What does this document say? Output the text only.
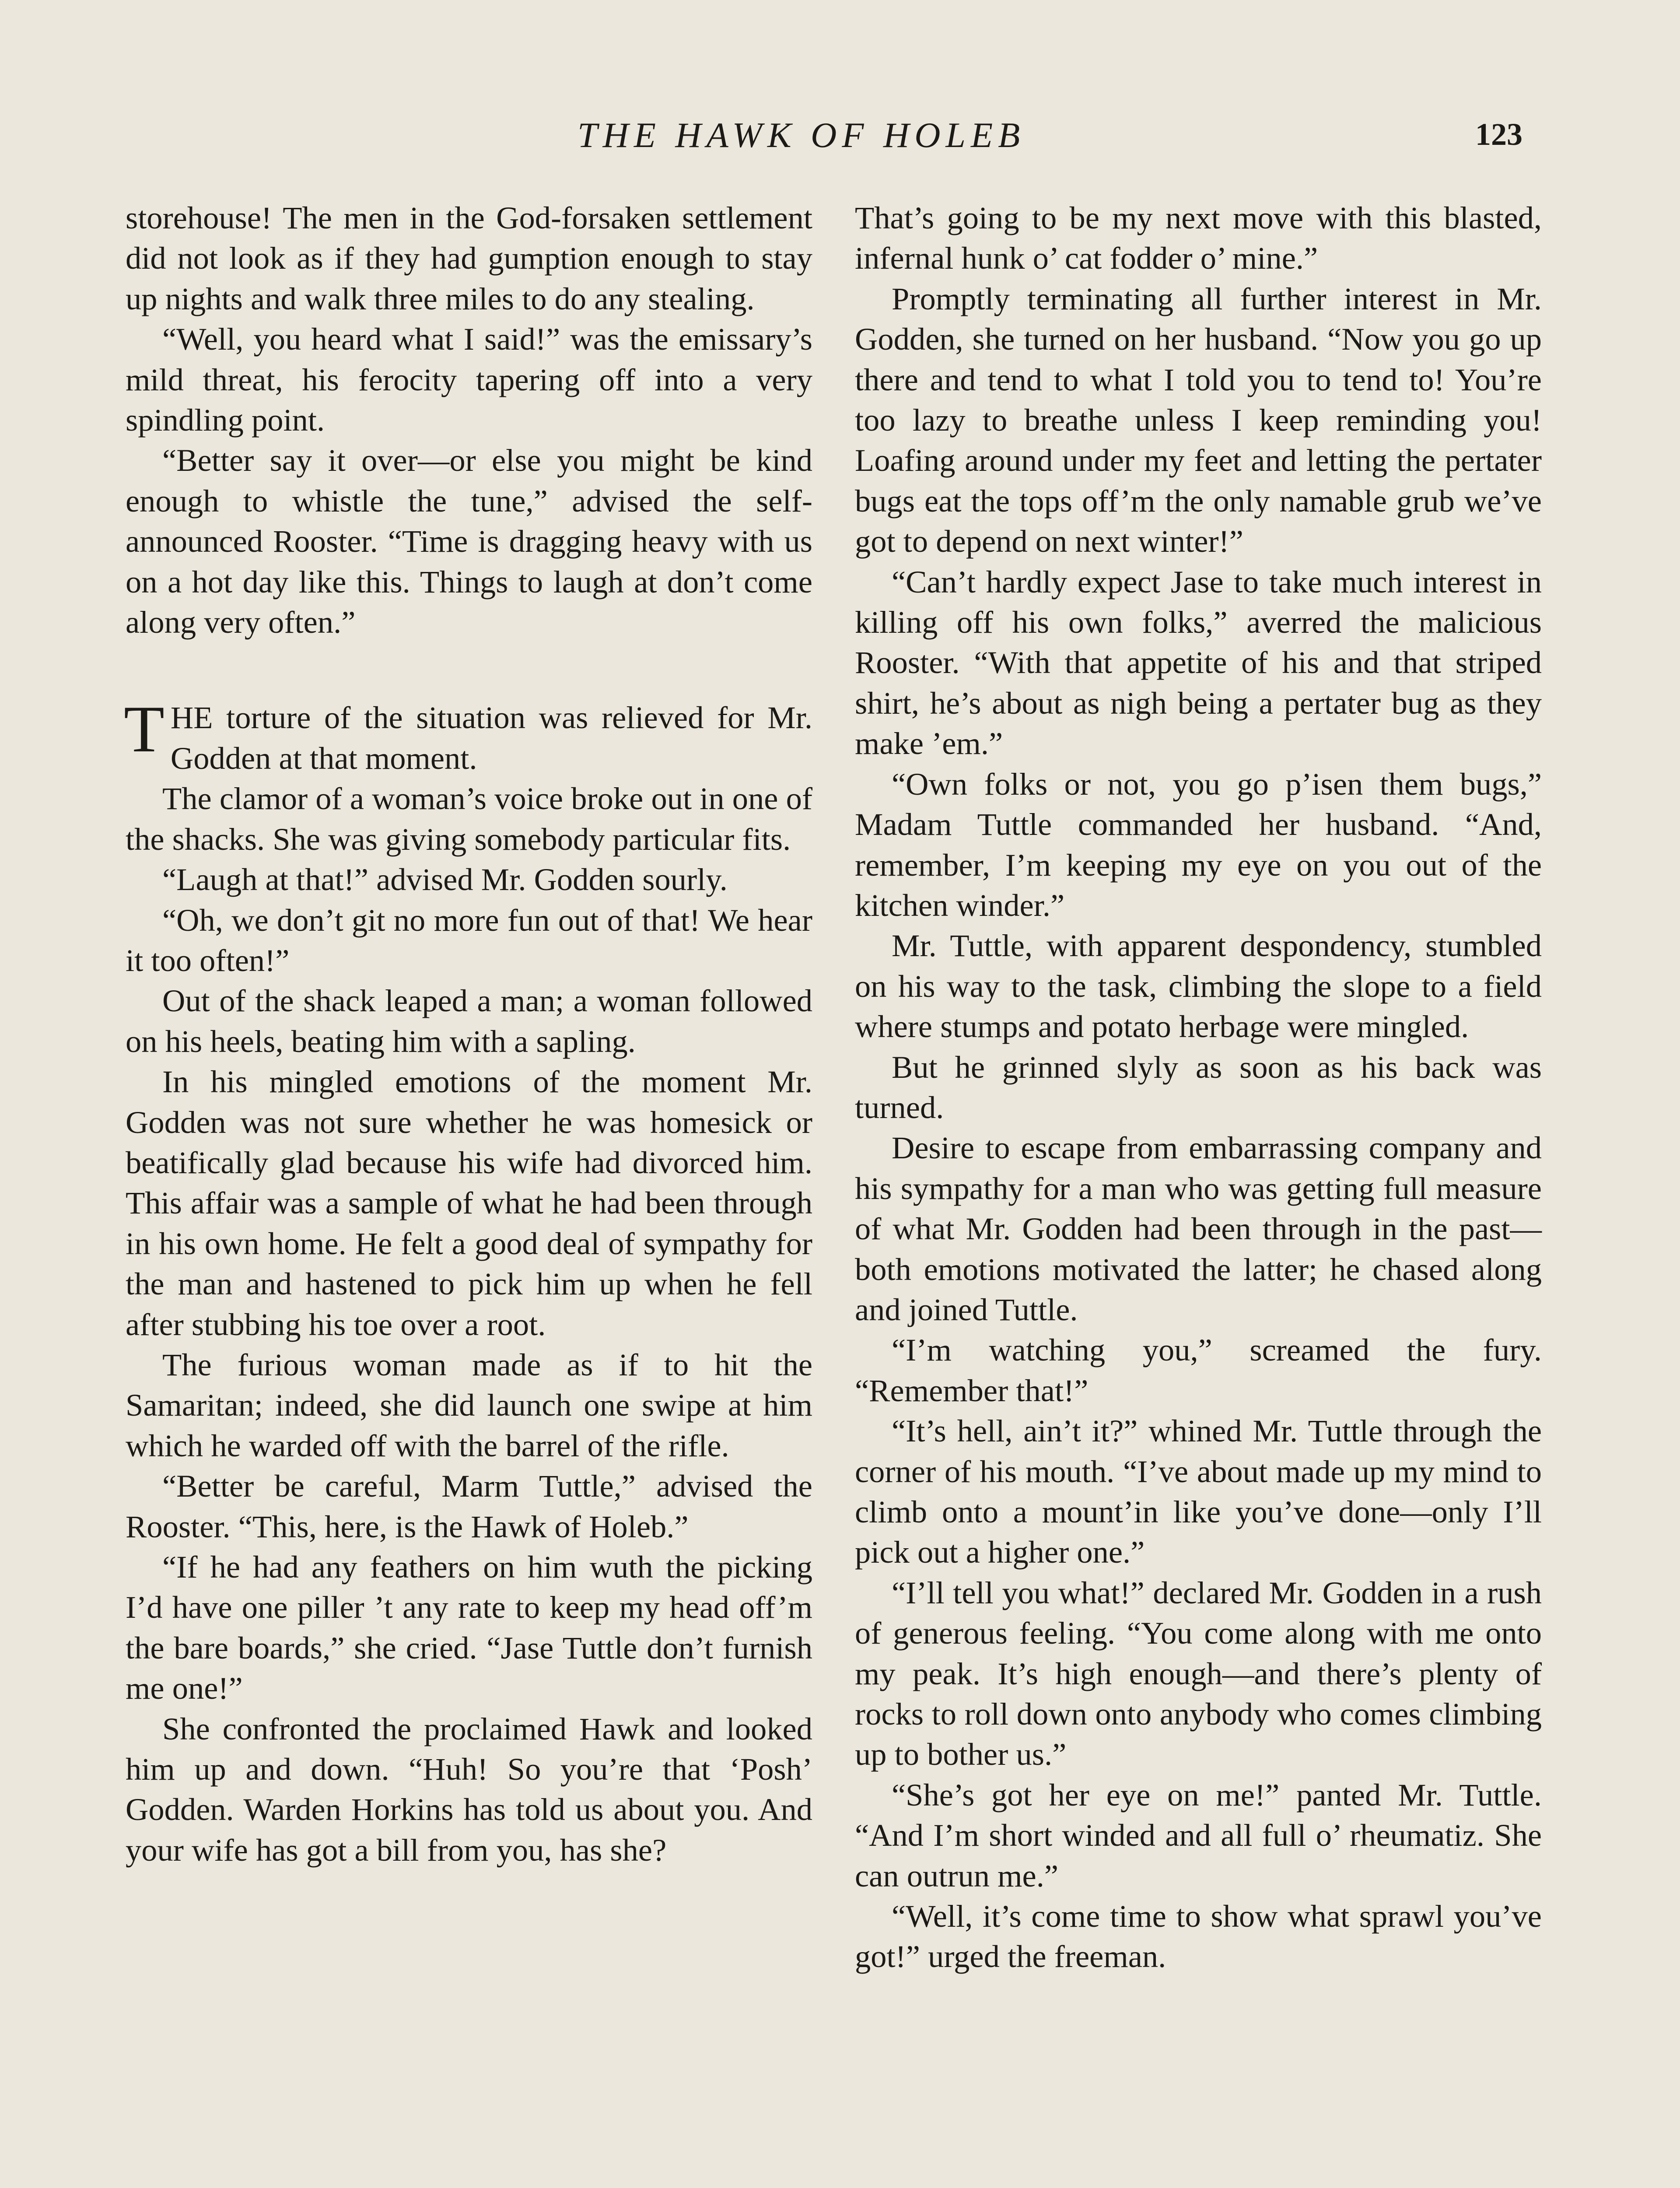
THE HAWK OF HOLEB	123

storehouse! The men in the God-forsaken settlement did not look as if they had gumption enough to stay up nights and walk three miles to do any stealing.

“Well, you heard what I said!” was the emissary’s mild threat, his ferocity tapering off into a very spindling point.

“Better say it over—or else you might be kind enough to whistle the tune,” advised the self-announced Rooster. “Time is dragging heavy with us on a hot day like this. Things to laugh at don’t come along very often.”

THE torture of the situation was relieved for Mr. Godden at that moment.

The clamor of a woman’s voice broke out in one of the shacks. She was giving somebody particular fits.

“Laugh at that!” advised Mr. Godden sourly.

“Oh, we don’t git no more fun out of that! We hear it too often!”

Out of the shack leaped a man; a woman followed on his heels, beating him with a sapling.

In his mingled emotions of the moment Mr. Godden was not sure whether he was homesick or beatifically glad because his wife had divorced him. This affair was a sample of what he had been through in his own home. He felt a good deal of sympathy for the man and hastened to pick him up when he fell after stubbing his toe over a root.

The furious woman made as if to hit the Samaritan; indeed, she did launch one swipe at him which he warded off with the barrel of the rifle.

“Better be careful, Marm Tuttle,” advised the Rooster. “This, here, is the Hawk of Holeb.”

“If he had any feathers on him wuth the picking I’d have one piller ’t any rate to keep my head off’m the bare boards,” she cried. “Jase Tuttle don’t furnish me one!”

She confronted the proclaimed Hawk and looked him up and down. “Huh! So you’re that ‘Posh’ Godden. Warden Horkins has told us about you. And your wife has got a bill from you, has she?

That’s going to be my next move with this blasted, infernal hunk o’ cat fodder o’ mine.”

Promptly terminating all further interest in Mr. Godden, she turned on her husband. “Now you go up there and tend to what I told you to tend to! You’re too lazy to breathe unless I keep reminding you! Loafing around under my feet and letting the pertater bugs eat the tops off’m the only namable grub we’ve got to depend on next winter!”

“Can’t hardly expect Jase to take much interest in killing off his own folks,” averred the malicious Rooster. “With that appetite of his and that striped shirt, he’s about as nigh being a pertater bug as they make ’em.”

“Own folks or not, you go p’isen them bugs,” Madam Tuttle commanded her husband. “And, remember, I’m keeping my eye on you out of the kitchen winder.”

Mr. Tuttle, with apparent despondency, stumbled on his way to the task, climbing the slope to a field where stumps and potato herbage were mingled.

But he grinned slyly as soon as his back was turned.

Desire to escape from embarrassing company and his sympathy for a man who was getting full measure of what Mr. Godden had been through in the past—both emotions motivated the latter; he chased along and joined Tuttle.

“I’m watching you,” screamed the fury. “Remember that!”

“It’s hell, ain’t it?” whined Mr. Tuttle through the corner of his mouth. “I’ve about made up my mind to climb onto a mount’in like you’ve done—only I’ll pick out a higher one.”

“I’ll tell you what!” declared Mr. Godden in a rush of generous feeling. “You come along with me onto my peak. It’s high enough—and there’s plenty of rocks to roll down onto anybody who comes climbing up to bother us.”

“She’s got her eye on me!” panted Mr. Tuttle. “And I’m short winded and all full o’ rheumatiz. She can outrun me.”

“Well, it’s come time to show what sprawl you’ve got!” urged the freeman.
